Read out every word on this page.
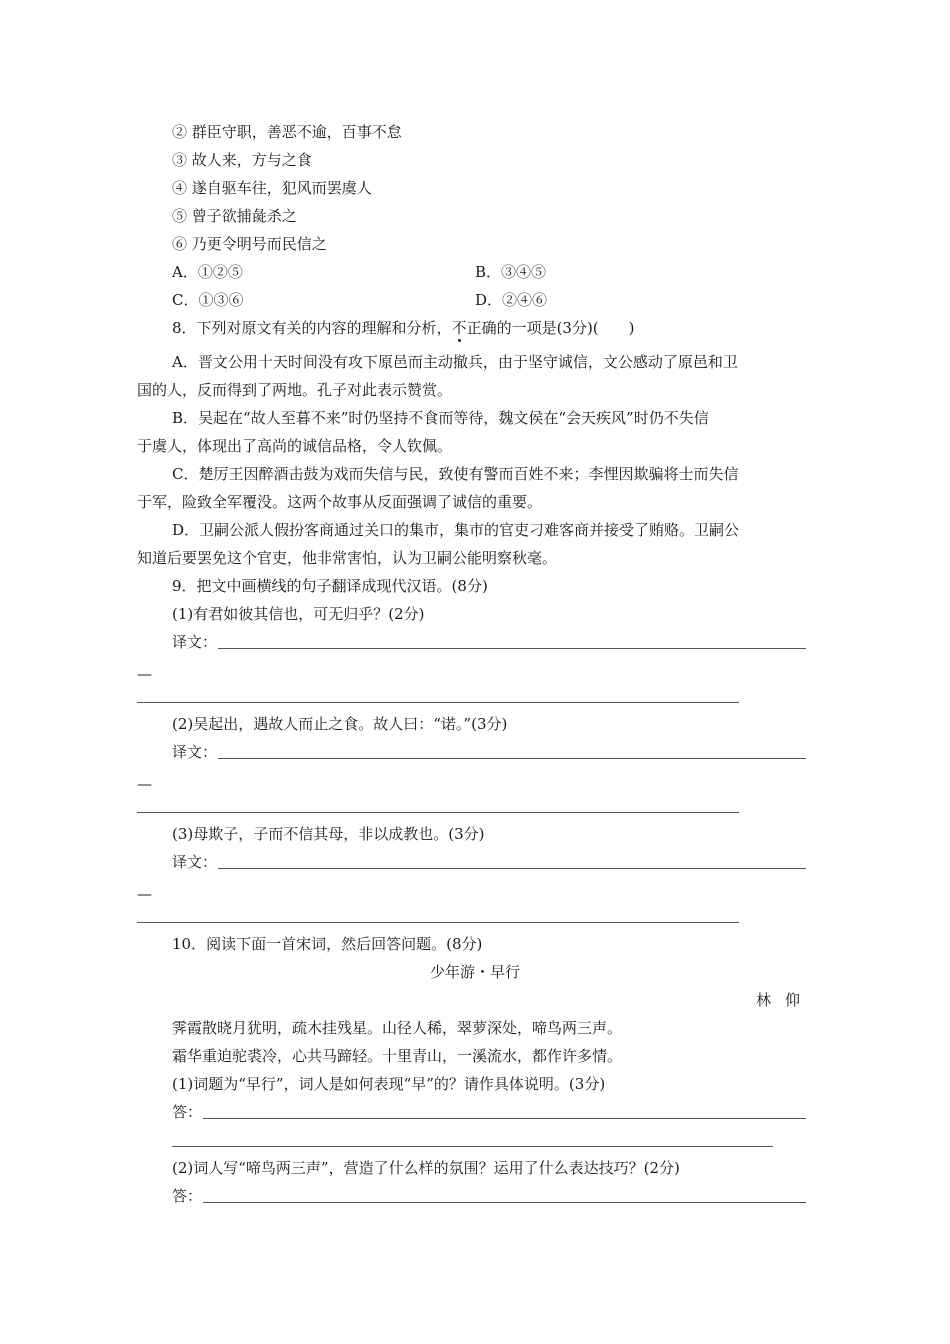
② 群臣守职，善恶不逾，百事不怠
③ 故人来，方与之食
④ 遂自驱车往，犯风而罢虞人
⑤ 曾子欲捕彘杀之
⑥ 乃更令明号而民信之
A．①②⑤	B．③④⑤
C．①③⑥	D．②④⑥
8．下列对原文有关的内容的理解和分析，不正确的一项是(3分)(　　)
A．晋文公用十天时间没有攻下原邑而主动撤兵，由于坚守诚信，文公感动了原邑和卫
国的人，反而得到了两地。孔子对此表示赞赏。
B．吴起在“故人至暮不来”时仍坚持不食而等待，魏文侯在“会天疾风”时仍不失信
于虞人，体现出了高尚的诚信品格，令人钦佩。
C．楚厉王因醉酒击鼓为戏而失信与民，致使有警而百姓不来；李悝因欺骗将士而失信
于军，险致全军覆没。这两个故事从反面强调了诚信的重要。
D．卫嗣公派人假扮客商通过关口的集市，集市的官吏刁难客商并接受了贿赂。卫嗣公
知道后要罢免这个官吏，他非常害怕，认为卫嗣公能明察秋毫。
9．把文中画横线的句子翻译成现代汉语。(8分)
(1)有君如彼其信也，可无归乎？(2分)
译文：
—
(2)吴起出，遇故人而止之食。故人曰：“诺。”(3分)
译文：
—
(3)母欺子，子而不信其母，非以成教也。(3分)
译文：
—
10．阅读下面一首宋词，然后回答问题。(8分)
少年游・早行
林仰
霁霞散晓月犹明，疏木挂残星。山径人稀，翠萝深处，啼鸟两三声。
霜华重迫驼裘冷，心共马蹄轻。十里青山，一溪流水，都作许多情。
(1)词题为“早行”，词人是如何表现“早”的？请作具体说明。(3分)
答：
(2)词人写“啼鸟两三声”，营造了什么样的氛围？运用了什么表达技巧？(2分)
答：
